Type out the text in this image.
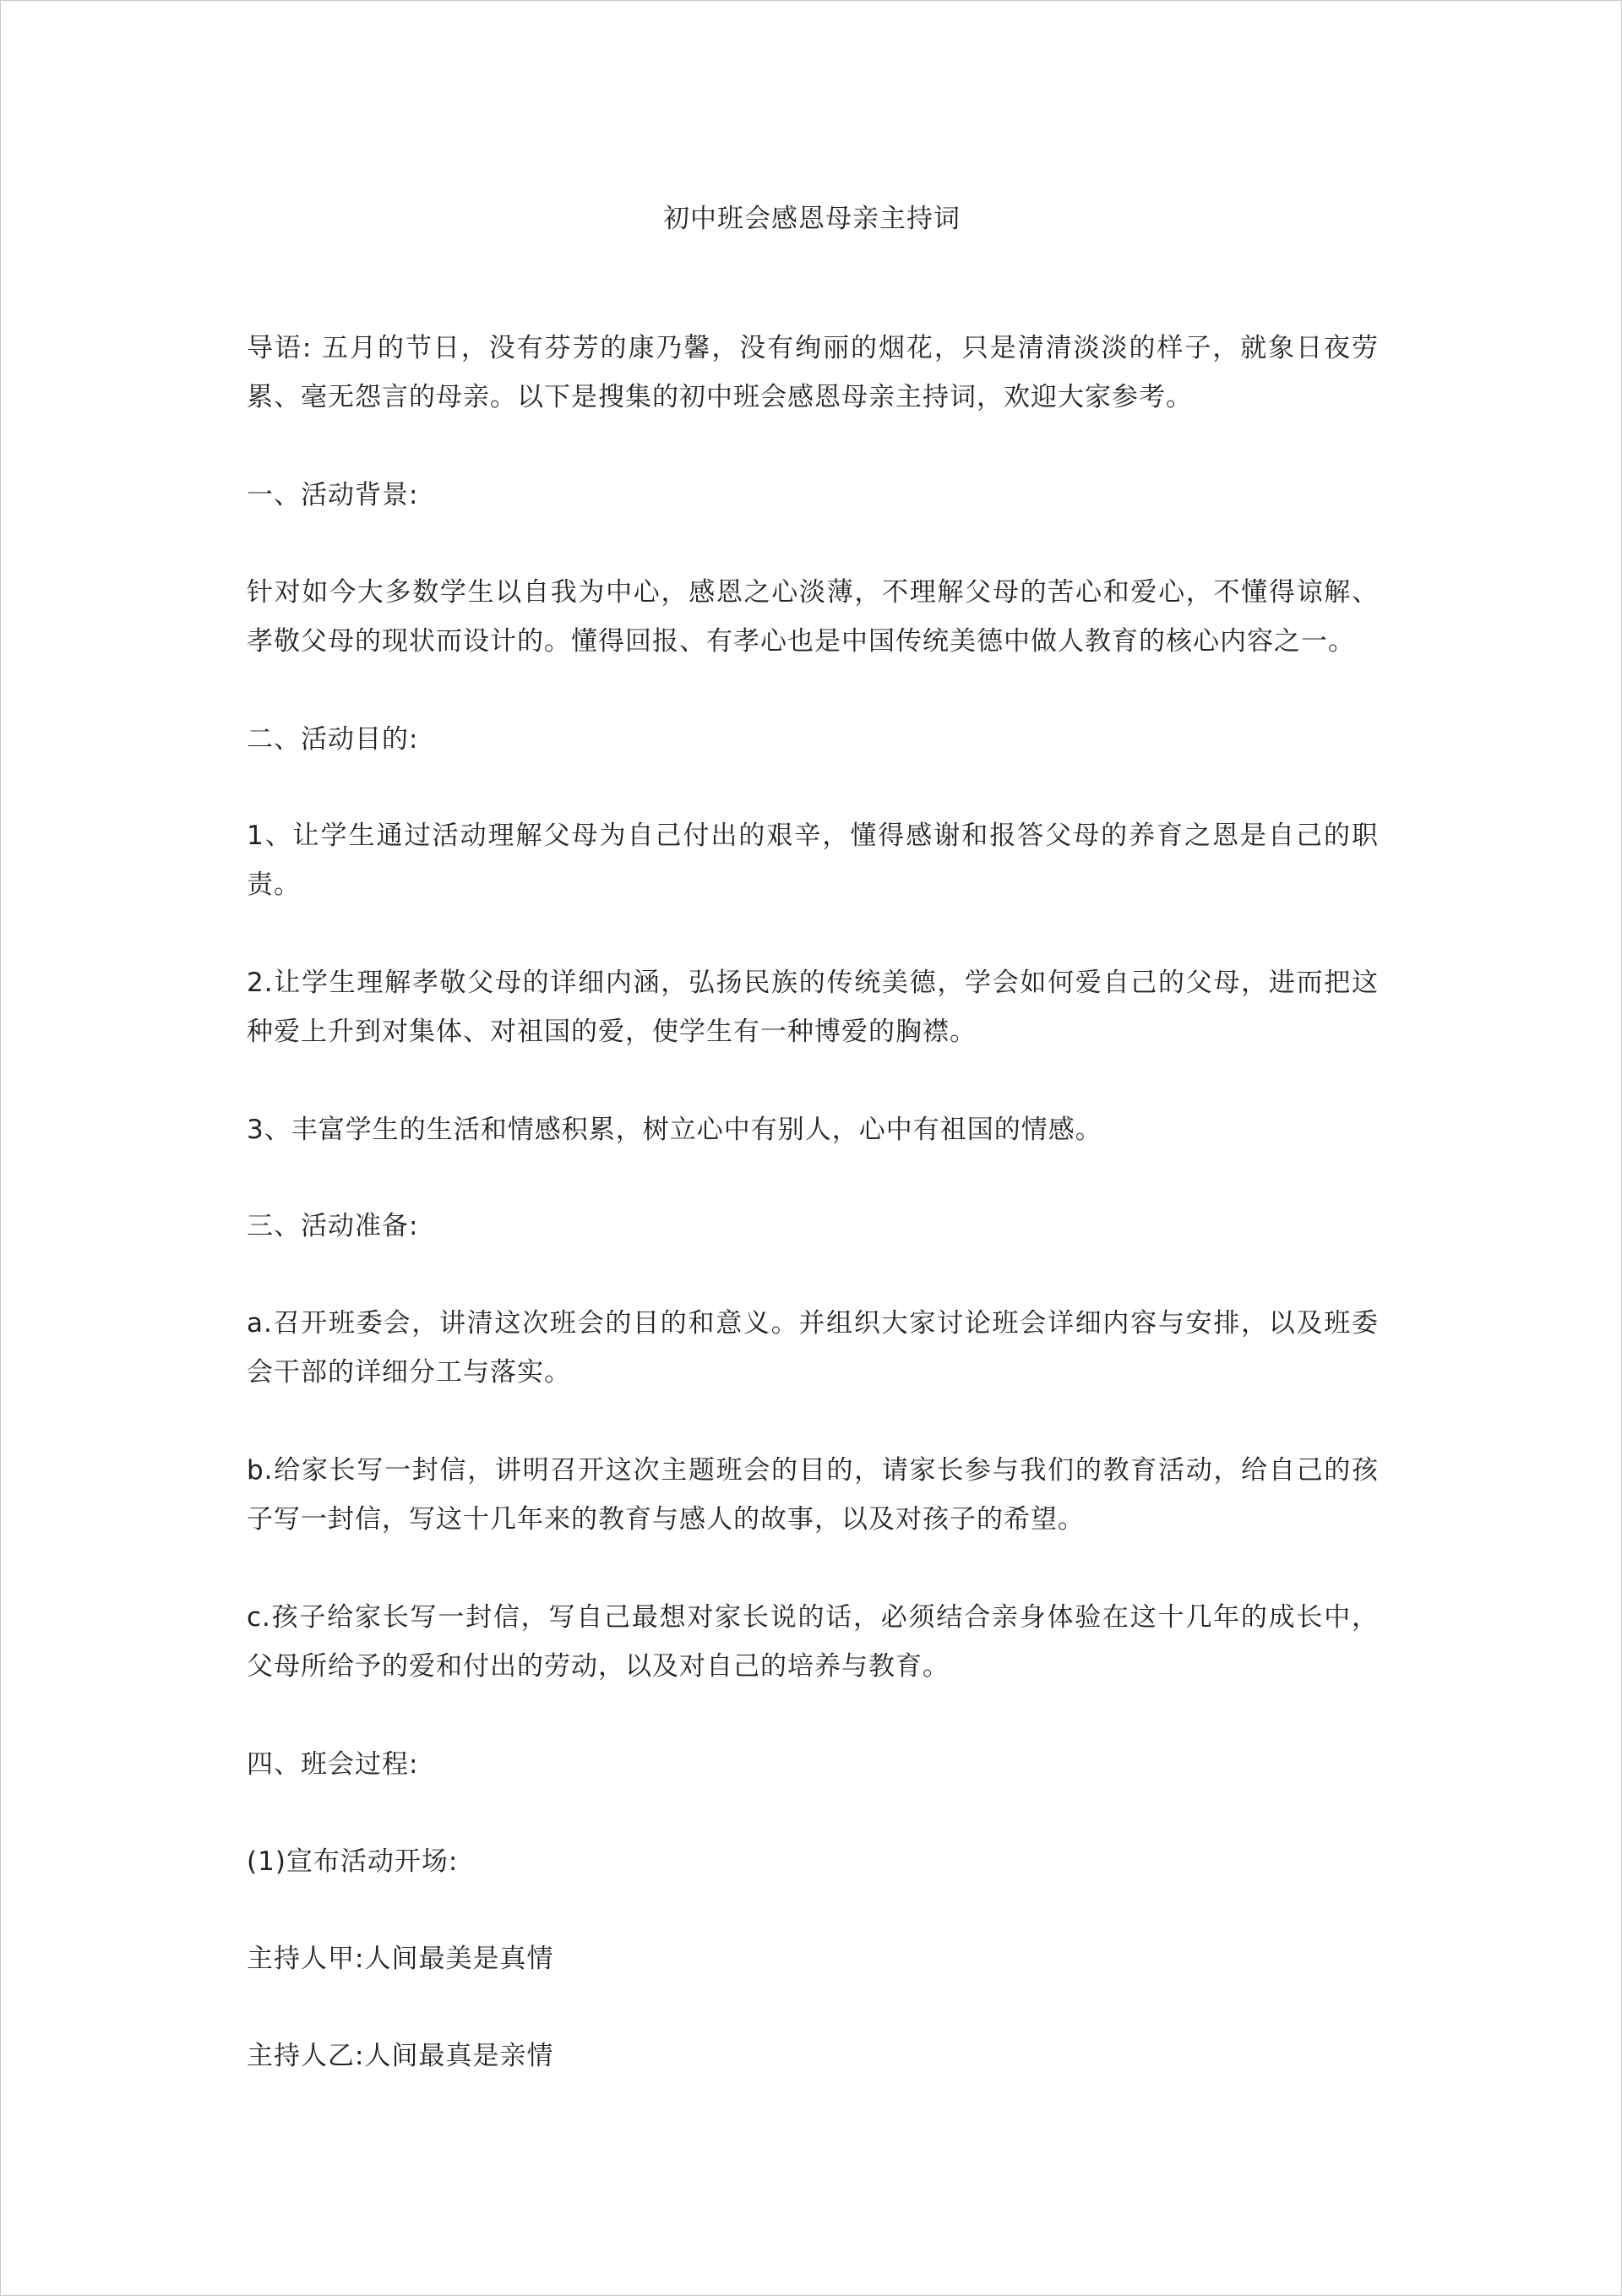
初中班会感恩母亲主持词

导语: 五月的节日，没有芬芳的康乃馨，没有绚丽的烟花，只是清清淡淡的样子，就象日夜劳累、毫无怨言的母亲。以下是搜集的初中班会感恩母亲主持词，欢迎大家参考。

一、活动背景:

针对如今大多数学生以自我为中心，感恩之心淡薄，不理解父母的苦心和爱心，不懂得谅解、孝敬父母的现状而设计的。懂得回报、有孝心也是中国传统美德中做人教育的核心内容之一。

二、活动目的:

1、让学生通过活动理解父母为自己付出的艰辛，懂得感谢和报答父母的养育之恩是自己的职责。

2.让学生理解孝敬父母的详细内涵，弘扬民族的传统美德，学会如何爱自己的父母，进而把这种爱上升到对集体、对祖国的爱，使学生有一种博爱的胸襟。

3、丰富学生的生活和情感积累，树立心中有别人，心中有祖国的情感。

三、活动准备:

a.召开班委会，讲清这次班会的目的和意义。并组织大家讨论班会详细内容与安排，以及班委会干部的详细分工与落实。

b.给家长写一封信，讲明召开这次主题班会的目的，请家长参与我们的教育活动，给自己的孩子写一封信，写这十几年来的教育与感人的故事，以及对孩子的希望。

c.孩子给家长写一封信，写自己最想对家长说的话，必须结合亲身体验在这十几年的成长中，父母所给予的爱和付出的劳动，以及对自己的培养与教育。

四、班会过程:

(1)宣布活动开场:

主持人甲:人间最美是真情

主持人乙:人间最真是亲情
